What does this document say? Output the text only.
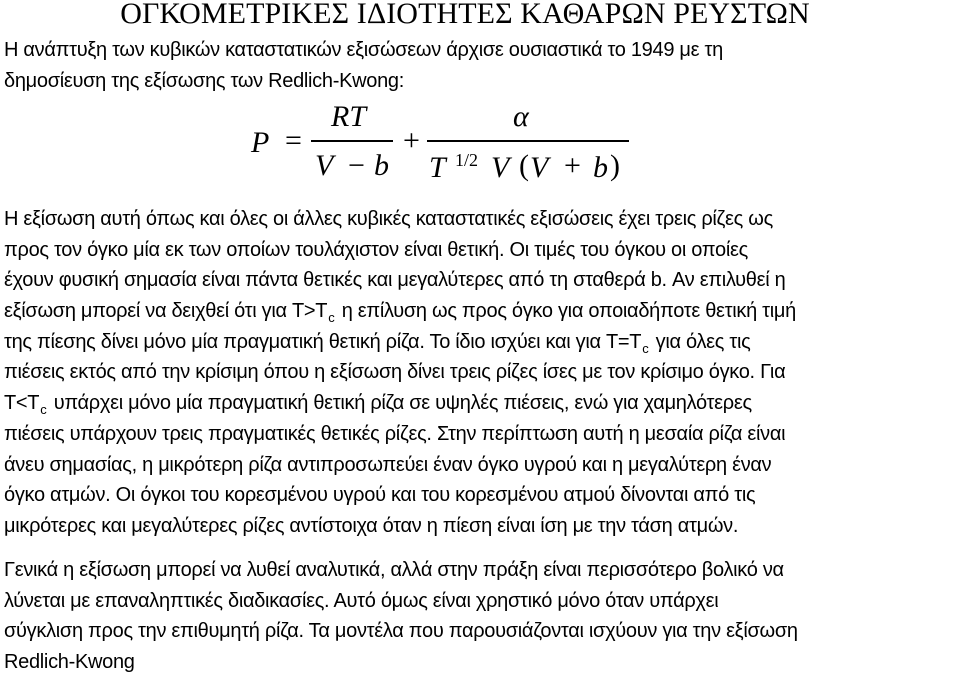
ΟΓΚΟΜΕΤΡΙΚΕΣ ΙΔΙΟΤΗΤΕΣ ΚΑΘΑΡΩΝ ΡΕΥΣΤΩΝ
Η ανάπτυξη των κυβικών καταστατικών εξισώσεων άρχισε ουσιαστικά το 1949 με τη
δημοσίευση της εξίσωσης των Redlich-Kwong:
P =
RT
V − b
+
α
T 1/2 V ( V + b )
Η εξίσωση αυτή όπως και όλες οι άλλες κυβικές καταστατικές εξισώσεις έχει τρεις ρίζες ως
προς τον όγκο μία εκ των οποίων τουλάχιστον είναι θετική. Οι τιμές του όγκου οι οποίες
έχουν φυσική σημασία είναι πάντα θετικές και μεγαλύτερες από τη σταθερά b. Αν επιλυθεί η
εξίσωση μπορεί να δειχθεί ότι για $T>T_c$ η επίλυση ως προς όγκο για οποιαδήποτε θετική τιμή
της πίεσης δίνει μόνο μία πραγματική θετική ρίζα. Το ίδιο ισχύει και για $T=T_c$ για όλες τις
πιέσεις εκτός από την κρίσιμη όπου η εξίσωση δίνει τρεις ρίζες ίσες με τον κρίσιμο όγκο. Για
$T<T_c$ υπάρχει μόνο μία πραγματική θετική ρίζα σε υψηλές πιέσεις, ενώ για χαμηλότερες
πιέσεις υπάρχουν τρεις πραγματικές θετικές ρίζες. Στην περίπτωση αυτή η μεσαία ρίζα είναι
άνευ σημασίας, η μικρότερη ρίζα αντιπροσωπεύει έναν όγκο υγρού και η μεγαλύτερη έναν
όγκο ατμών. Οι όγκοι του κορεσμένου υγρού και του κορεσμένου ατμού δίνονται από τις
μικρότερες και μεγαλύτερες ρίζες αντίστοιχα όταν η πίεση είναι ίση με την τάση ατμών.
Γενικά η εξίσωση μπορεί να λυθεί αναλυτικά, αλλά στην πράξη είναι περισσότερο βολικό να
λύνεται με επαναληπτικές διαδικασίες. Αυτό όμως είναι χρηστικό μόνο όταν υπάρχει
σύγκλιση προς την επιθυμητή ρίζα. Τα μοντέλα που παρουσιάζονται ισχύουν για την εξίσωση
Redlich-Kwong
